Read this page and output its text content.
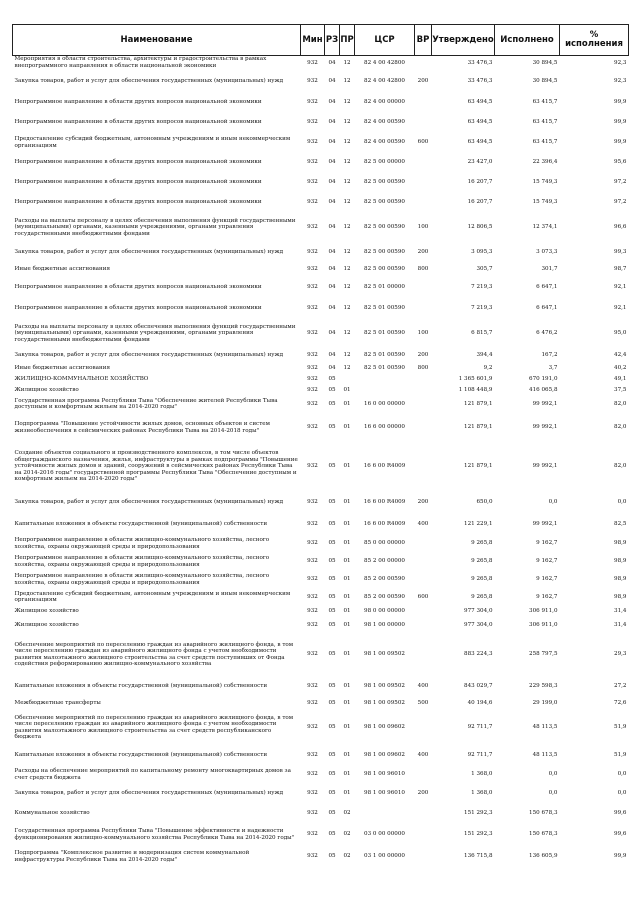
Наименование	Мин	РЗ	ПР	ЦСР	ВР	Утверждено	Исполнено	%
исполнения
Мероприятия в области строительства, архитектуры и градостроительства в рамках внепрограммного направления в области национальной экономики	932	04	12	82 4 00 42800		33 476,3	30 894,5	92,3
Закупка товаров, работ и услуг для обеспечения государственных (муниципальных) нужд	932	04	12	82 4 00 42800	200	33 476,3	30 894,5	92,3
Непрограммное направление в области других вопросов национальной экономики	932	04	12	82 4 00 00000		63 494,5	63 415,7	99,9
Непрограммное направление в области других вопросов национальной экономики	932	04	12	82 4 00 00590		63 494,5	63 415,7	99,9
Предоставление субсидий бюджетным, автономным учреждениям и иным некоммерческим организациям	932	04	12	82 4 00 00590	600	63 494,5	63 415,7	99,9
Непрограммное направление в области других вопросов национальной экономики	932	04	12	82 5 00 00000		23 427,0	22 396,4	95,6
Непрограммное направление в области других вопросов национальной экономики	932	04	12	82 5 00 00590		16 207,7	15 749,3	97,2
Непрограммное направление в области других вопросов национальной экономики	932	04	12	82 5 00 00590		16 207,7	15 749,3	97,2
Расходы на выплаты персоналу в целях обеспечения выполнения функций государственными (муниципальными) органами, казенными учреждениями, органами управления государственными внебюджетными фондами	932	04	12	82 5 00 00590	100	12 806,5	12 374,1	96,6
Закупка товаров, работ и услуг для обеспечения государственных (муниципальных) нужд	932	04	12	82 5 00 00590	200	3 095,3	3 073,3	99,3
Иные бюджетные ассигнования	932	04	12	82 5 00 00590	800	305,7	301,7	98,7
Непрограммное направление в области других вопросов национальной экономики	932	04	12	82 5 01 00000		7 219,3	6 647,1	92,1
Непрограммное направление в области других вопросов национальной экономики	932	04	12	82 5 01 00590		7 219,3	6 647,1	92,1
Расходы на выплаты персоналу в целях обеспечения выполнения функций государственными (муниципальными) органами, казенными учреждениями, органами управления государственными внебюджетными фондами	932	04	12	82 5 01 00590	100	6 815,7	6 476,2	95,0
Закупка товаров, работ и услуг для обеспечения государственных (муниципальных) нужд	932	04	12	82 5 01 00590	200	394,4	167,2	42,4
Иные бюджетные ассигнования	932	04	12	82 5 01 00590	800	9,2	3,7	40,2
ЖИЛИЩНО-КОММУНАЛЬНОЕ ХОЗЯЙСТВО	932	05				1 365 601,9	670 191,0	49,1
Жилищное хозяйство	932	05	01			1 108 448,9	416 065,8	37,5
Государственная программа Республики Тыва "Обеспечение жителей Республики Тыва доступным и комфортным жильем на 2014-2020 годы"	932	05	01	16 0 00 00000		121 879,1	99 992,1	82,0
Подпрограмма "Повышение устойчивости жилых домов, основных объектов и систем жизнеобеспечения в сейсмических районах Республики Тыва на 2014-2018 годы"	932	05	01	16 6 00 00000		121 879,1	99 992,1	82,0
Создание объектов социального и производственного комплексов, в том числе объектов общегражданского назначения, жилья, инфраструктуры в рамках подпрограммы "Повышение устойчивости жилых домов и зданий, сооружений в сейсмических районах Республики Тыва на 2014-2016 годы" государственной программы Республики Тыва "Обеспечение доступным и комфортным жильем на 2014-2020 годы"	932	05	01	16 6 00 R4009		121 879,1	99 992,1	82,0
Закупка товаров, работ и услуг для обеспечения государственных (муниципальных) нужд	932	05	01	16 6 00 R4009	200	650,0	0,0	0,0
Капитальные вложения в объекты государственной (муниципальной) собственности	932	05	01	16 6 00 R4009	400	121 229,1	99 992,1	82,5
Непрограммное направление в области жилищно-коммунального хозяйства, лесного хозяйства, охраны окружающей среды и природопользования	932	05	01	85 0 00 00000		9 265,8	9 162,7	98,9
Непрограммное направление в области жилищно-коммунального хозяйства, лесного хозяйства, охраны окружающей среды и природопользования	932	05	01	85 2 00 00000		9 265,8	9 162,7	98,9
Непрограммное направление в области жилищно-коммунального хозяйства, лесного хозяйства, охраны окружающей среды и природопользования	932	05	01	85 2 00 00590		9 265,8	9 162,7	98,9
Предоставление субсидий бюджетным, автономным учреждениям и иным некоммерческим организациям	932	05	01	85 2 00 00590	600	9 265,8	9 162,7	98,9
Жилищное хозяйство	932	05	01	98 0 00 00000		977 304,0	306 911,0	31,4
Жилищное хозяйство	932	05	01	98 1 00 00000		977 304,0	306 911,0	31,4
Обеспечение мероприятий по переселению граждан из аварийного жилищного фонда, в том числе переселению граждан из аварийного жилищного фонда с учетом необходимости развития малоэтажного жилищного строительства за счет средств поступивших от Фонда содействия реформированию жилищно-коммунального хозяйства	932	05	01	98 1 00 09502		883 224,3	258 797,5	29,3
Капитальные вложения в объекты государственной (муниципальной) собственности	932	05	01	98 1 00 09502	400	843 029,7	229 598,3	27,2
Межбюджетные трансферты	932	05	01	98 1 00 09502	500	40 194,6	29 199,0	72,6
Обеспечение мероприятий по переселению граждан из аварийного жилищного фонда, в том числе переселению граждан из аварийного жилищного фонда с учетом необходимости развития малоэтажного жилищного строительства за счет средств республиканского бюджета	932	05	01	98 1 00 09602		92 711,7	48 113,5	51,9
Капитальные вложения в объекты государственной (муниципальной) собственности	932	05	01	98 1 00 09602	400	92 711,7	48 113,5	51,9
Расходы на обеспечение мероприятий по капитальному ремонту многоквартирных домов за счет средств бюджета	932	05	01	98 1 00 96010		1 368,0	0,0	0,0
Закупка товаров, работ и услуг для обеспечения государственных (муниципальных) нужд	932	05	01	98 1 00 96010	200	1 368,0	0,0	0,0
Коммунальное хозяйство	932	05	02			151 292,3	150 678,3	99,6
Государственная программа Республики Тыва "Повышение эффективности и надежности функционирования жилищно-коммунального хозяйства Республики Тыва на 2014-2020 годы"	932	05	02	03 0 00 00000		151 292,3	150 678,3	99,6
Подпрограмма "Комплексное развитие и модернизация систем коммунальной инфраструктуры Республики Тыва на 2014-2020 годы"	932	05	02	03 1 00 00000		136 715,8	136 605,9	99,9
